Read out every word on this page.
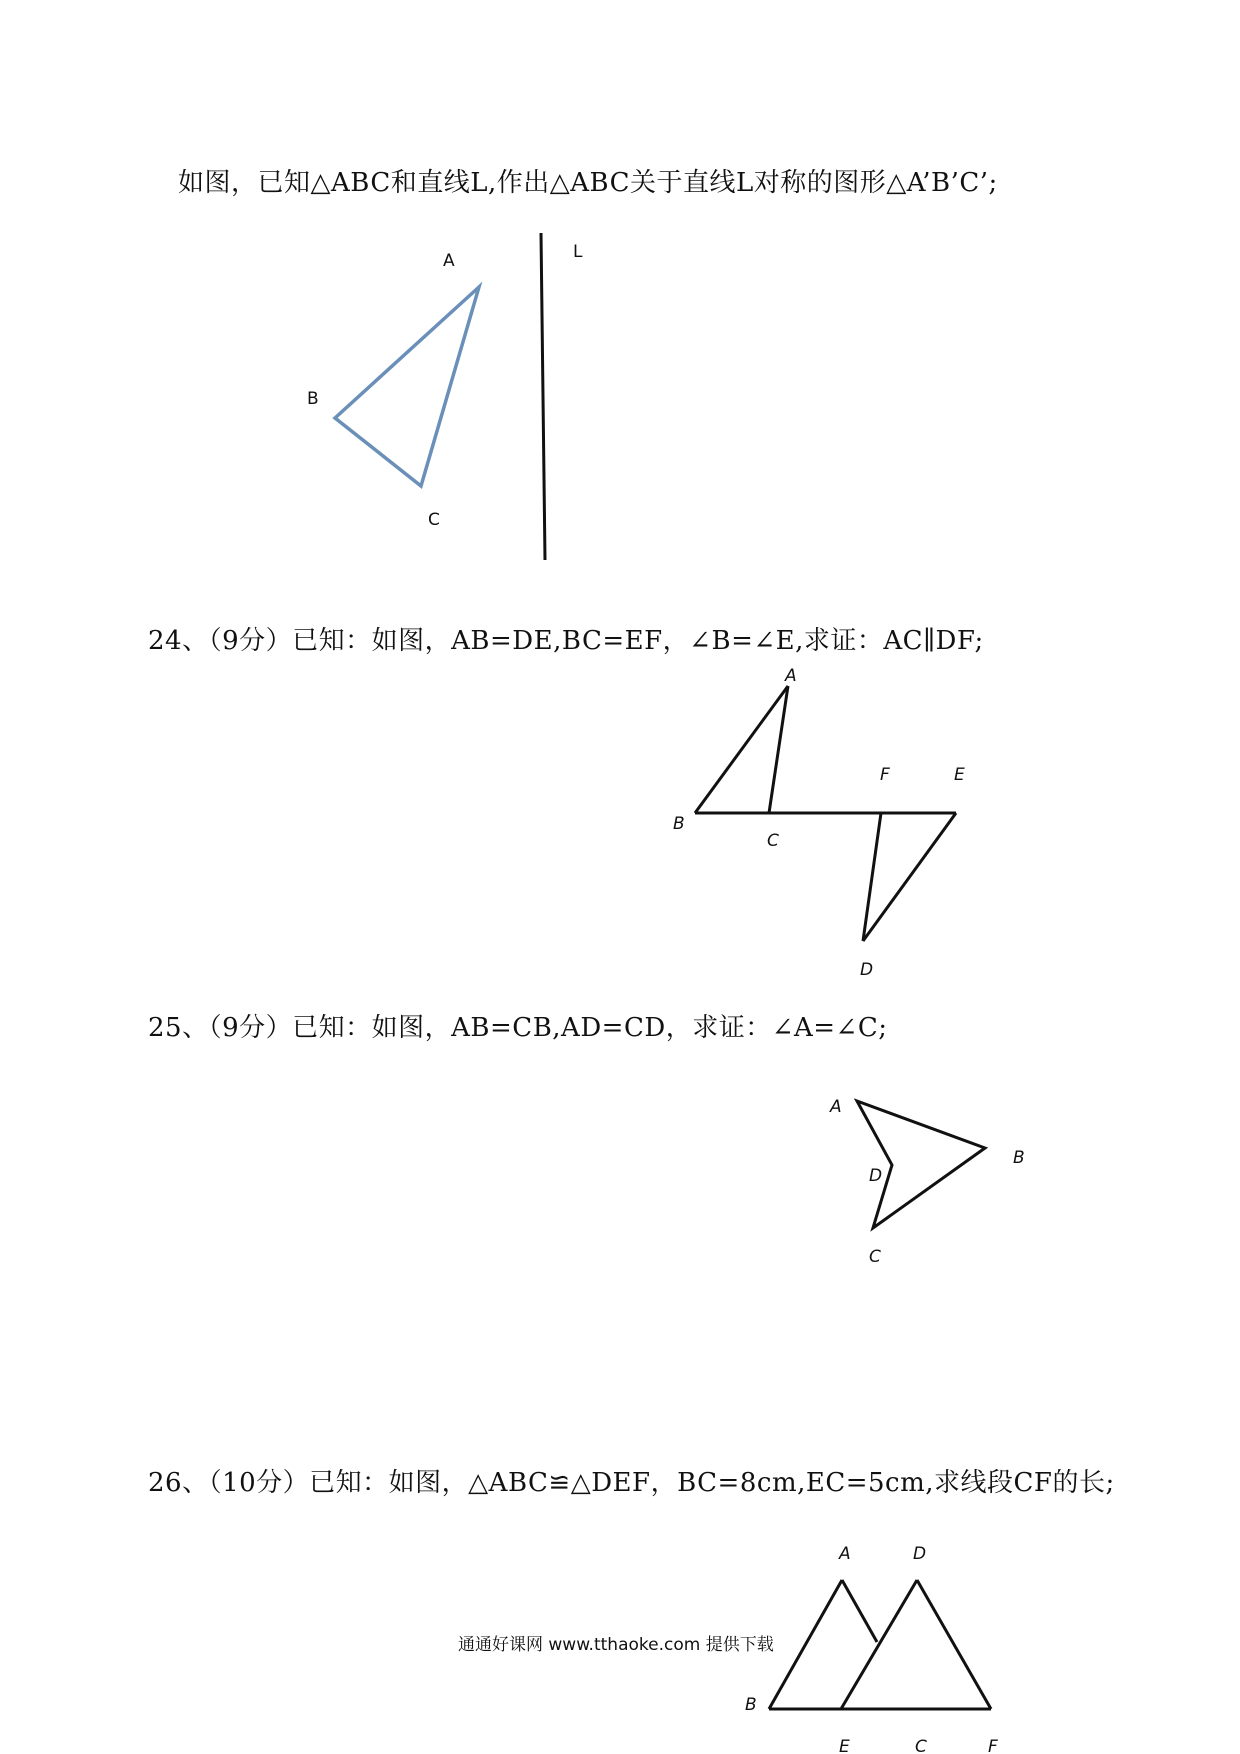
如图，已知△ABC和直线L,作出△ABC关于直线L对称的图形△A’B’C’;
A
B
C
L
24、（9分）已知：如图，AB=DE,BC=EF，∠B=∠E,求证：AC∥DF;
A
B
C
D
E
F
25、（9分）已知：如图，AB=CB,AD=CD，求证：∠A=∠C;
A
B
C
D
26、（10分）已知：如图，△ABC≌△DEF，BC=8cm,EC=5cm,求线段CF的长;
A	D
B
E	C	F
通通好课网 www.tthaoke.com 提供下载
